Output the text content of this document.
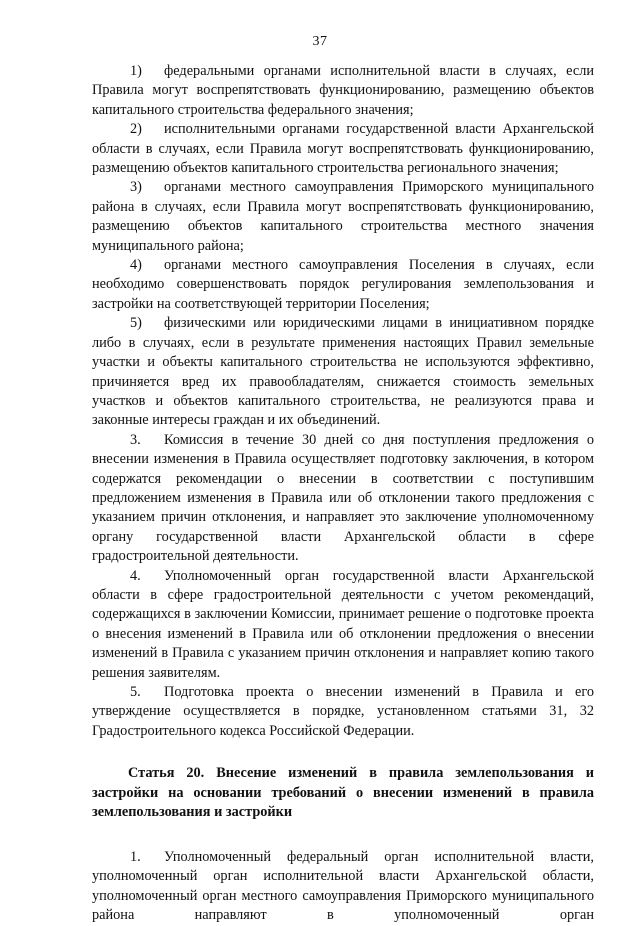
37

1) федеральными органами исполнительной власти в случаях, если Правила могут воспрепятствовать функционированию, размещению объектов капитального строительства федерального значения;

2) исполнительными органами государственной власти Архангельской области в случаях, если Правила могут воспрепятствовать функционированию, размещению объектов капитального строительства регионального значения;

3) органами местного самоуправления Приморского муниципального района в случаях, если Правила могут воспрепятствовать функционированию, размещению объектов капитального строительства местного значения муниципального района;

4) органами местного самоуправления Поселения в случаях, если необходимо совершенствовать порядок регулирования землепользования и застройки на соответствующей территории Поселения;

5) физическими или юридическими лицами в инициативном порядке либо в случаях, если в результате применения настоящих Правил земельные участки и объекты капитального строительства не используются эффективно, причиняется вред их правообладателям, снижается стоимость земельных участков и объектов капитального строительства, не реализуются права и законные интересы граждан и их объединений.

3. Комиссия в течение 30 дней со дня поступления предложения о внесении изменения в Правила осуществляет подготовку заключения, в котором содержатся рекомендации о внесении в соответствии с поступившим предложением изменения в Правила или об отклонении такого предложения с указанием причин отклонения, и направляет это заключение уполномоченному органу государственной власти Архангельской области в сфере градостроительной деятельности.

4. Уполномоченный орган государственной власти Архангельской области в сфере градостроительной деятельности с учетом рекомендаций, содержащихся в заключении Комиссии, принимает решение о подготовке проекта о внесения изменений в Правила или об отклонении предложения о внесении изменений в Правила с указанием причин отклонения и направляет копию такого решения заявителям.

5. Подготовка проекта о внесении изменений в Правила и его утверждение осуществляется в порядке, установленном статьями 31, 32 Градостроительного кодекса Российской Федерации.

Статья 20. Внесение изменений в правила землепользования и застройки на основании требований о внесении изменений в правила землепользования и застройки

1. Уполномоченный федеральный орган исполнительной власти, уполномоченный орган исполнительной власти Архангельской области, уполномоченный орган местного самоуправления Приморского муниципального района направляют в уполномоченный орган
